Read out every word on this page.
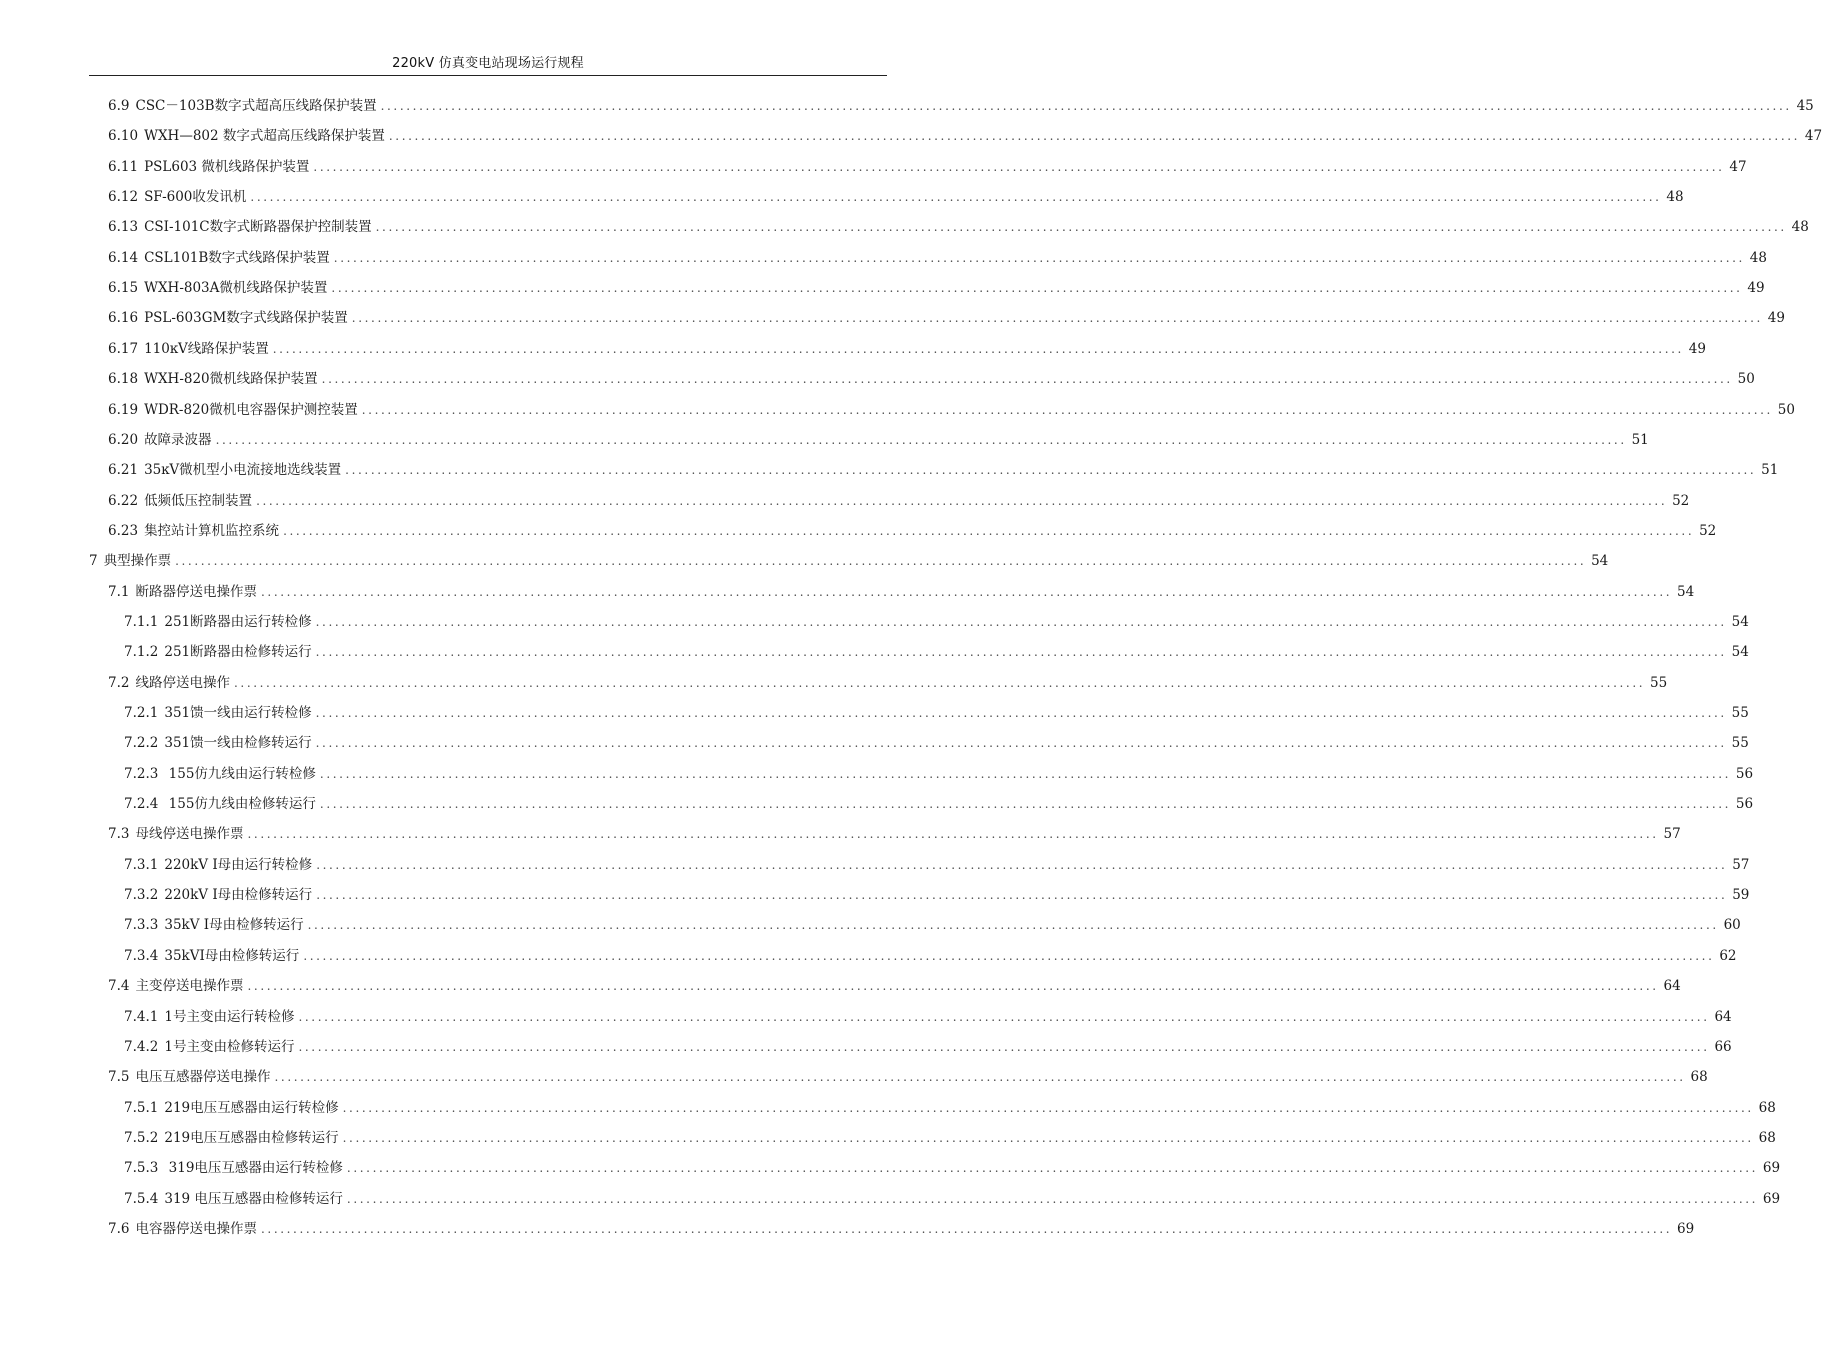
220kV 仿真变电站现场运行规程
6.9 CSC－103B数字式超高压线路保护装置 ............................................................................................................................................................................................................................ 45
6.10 WXH—802 数字式超高压线路保护装置 ............................................................................................................................................................................................................................ 47
6.11 PSL603 微机线路保护装置 ............................................................................................................................................................................................................................ 47
6.12 SF-600收发讯机 ............................................................................................................................................................................................................................ 48
6.13 CSI-101C数字式断路器保护控制装置 ............................................................................................................................................................................................................................ 48
6.14 CSL101B数字式线路保护装置 ............................................................................................................................................................................................................................ 48
6.15 WXH-803A微机线路保护装置 ............................................................................................................................................................................................................................ 49
6.16 PSL-603GM数字式线路保护装置 ............................................................................................................................................................................................................................ 49
6.17 110ĸV线路保护装置 ............................................................................................................................................................................................................................ 49
6.18 WXH-820微机线路保护装置 ............................................................................................................................................................................................................................ 50
6.19 WDR-820微机电容器保护测控装置 ............................................................................................................................................................................................................................ 50
6.20 故障录波器 ............................................................................................................................................................................................................................ 51
6.21 35ĸV微机型小电流接地选线装置 ............................................................................................................................................................................................................................ 51
6.22 低频低压控制装置 ............................................................................................................................................................................................................................ 52
6.23 集控站计算机监控系统 ............................................................................................................................................................................................................................ 52
7 典型操作票 ............................................................................................................................................................................................................................ 54
7.1 断路器停送电操作票 ............................................................................................................................................................................................................................ 54
7.1.1 251断路器由运行转检修 ............................................................................................................................................................................................................................ 54
7.1.2 251断路器由检修转运行 ............................................................................................................................................................................................................................ 54
7.2 线路停送电操作 ............................................................................................................................................................................................................................ 55
7.2.1 351馈一线由运行转检修 ............................................................................................................................................................................................................................ 55
7.2.2 351馈一线由检修转运行 ............................................................................................................................................................................................................................ 55
7.2.3 155仿九线由运行转检修 ............................................................................................................................................................................................................................ 56
7.2.4 155仿九线由检修转运行 ............................................................................................................................................................................................................................ 56
7.3 母线停送电操作票 ............................................................................................................................................................................................................................ 57
7.3.1 220kV Ⅰ母由运行转检修 ............................................................................................................................................................................................................................ 57
7.3.2 220kV Ⅰ母由检修转运行 ............................................................................................................................................................................................................................ 59
7.3.3 35kV Ⅰ母由检修转运行 ............................................................................................................................................................................................................................ 60
7.3.4 35kVⅠ母由检修转运行 ............................................................................................................................................................................................................................ 62
7.4 主变停送电操作票 ............................................................................................................................................................................................................................ 64
7.4.1 1号主变由运行转检修 ............................................................................................................................................................................................................................ 64
7.4.2 1号主变由检修转运行 ............................................................................................................................................................................................................................ 66
7.5 电压互感器停送电操作 ............................................................................................................................................................................................................................ 68
7.5.1 219电压互感器由运行转检修 ............................................................................................................................................................................................................................ 68
7.5.2 219电压互感器由检修转运行 ............................................................................................................................................................................................................................ 68
7.5.3 319电压互感器由运行转检修 ............................................................................................................................................................................................................................ 69
7.5.4 319 电压互感器由检修转运行 ............................................................................................................................................................................................................................ 69
7.6 电容器停送电操作票 ............................................................................................................................................................................................................................ 69
